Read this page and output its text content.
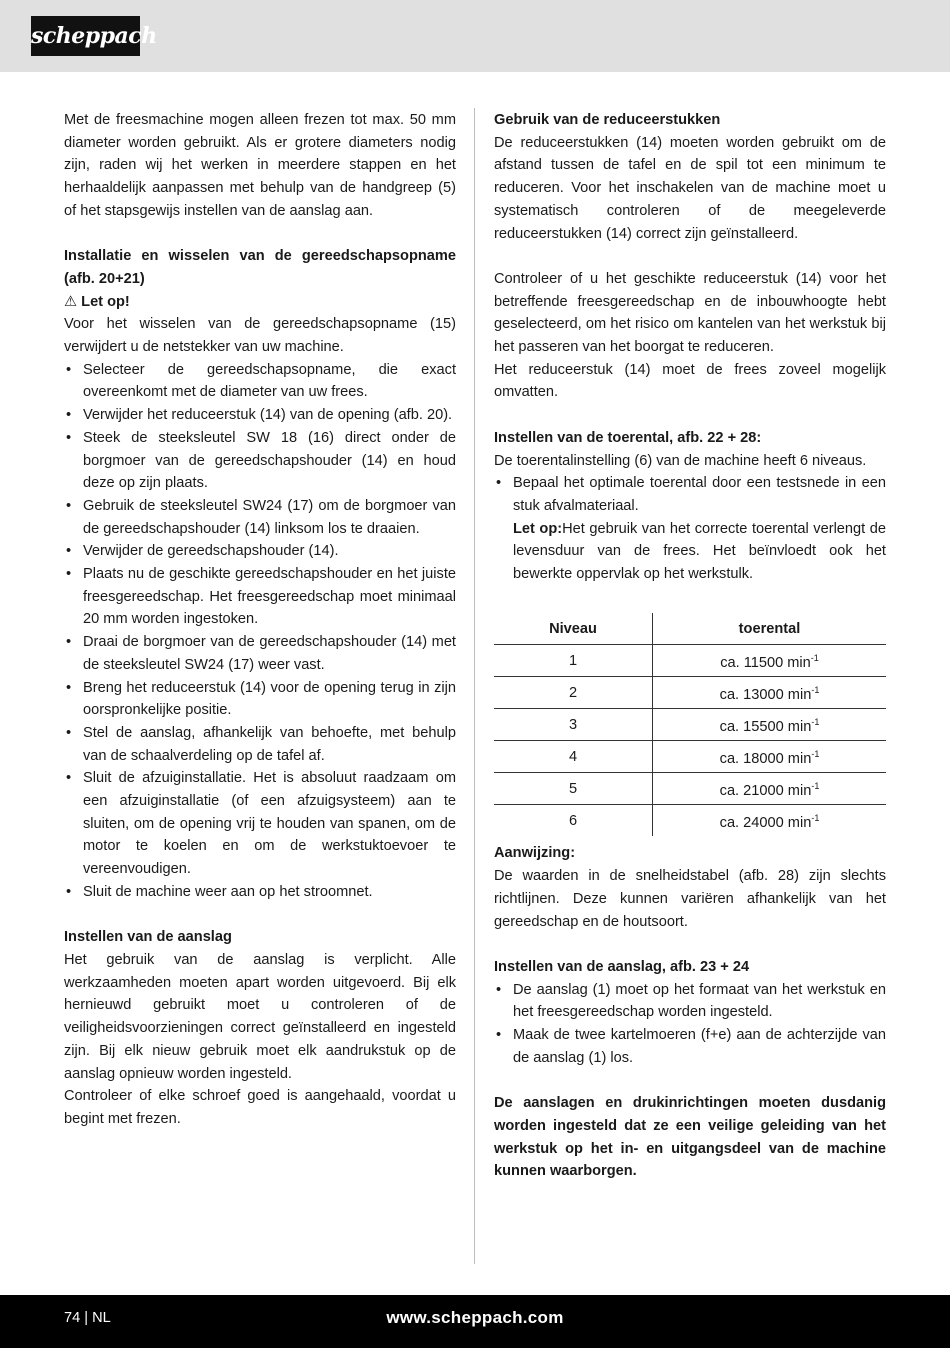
scheppach

Met de freesmachine mogen alleen frezen tot max. 50 mm diameter worden gebruikt. Als er grotere diameters nodig zijn, raden wij het werken in meerdere stappen en het herhaaldelijk aanpassen met behulp van de handgreep (5) of het stapsgewijs instellen van de aanslag aan.

Installatie en wisselen van de gereedschapsopname (afb. 20+21)

⚠ Let op!

Voor het wisselen van de gereedschapsopname (15) verwijdert u de netstekker van uw machine.

• Selecteer de gereedschapsopname, die exact overeenkomt met de diameter van uw frees.
• Verwijder het reduceerstuk (14) van de opening (afb. 20).
• Steek de steeksleutel SW 18 (16) direct onder de borgmoer van de gereedschapshouder (14) en houd deze op zijn plaats.
• Gebruik de steeksleutel SW24 (17) om de borgmoer van de gereedschapshouder (14) linksom los te draaien.
• Verwijder de gereedschapshouder (14).
• Plaats nu de geschikte gereedschapshouder en het juiste freesgereedschap. Het freesgereedschap moet minimaal 20 mm worden ingestoken.
• Draai de borgmoer van de gereedschapshouder (14) met de steeksleutel SW24 (17) weer vast.
• Breng het reduceerstuk (14) voor de opening terug in zijn oorspronkelijke positie.
• Stel de aanslag, afhankelijk van behoefte, met behulp van de schaalverdeling op de tafel af.
• Sluit de afzuiginstallatie. Het is absoluut raadzaam om een afzuiginstallatie (of een afzuigsysteem) aan te sluiten, om de opening vrij te houden van spanen, om de motor te koelen en om de werkstuktoevoer te vereenvoudigen.
• Sluit de machine weer aan op het stroomnet.

Instellen van de aanslag

Het gebruik van de aanslag is verplicht. Alle werkzaamheden moeten apart worden uitgevoerd. Bij elk hernieuwd gebruikt moet u controleren of de veiligheidsvoorzieningen correct geïnstalleerd en ingesteld zijn. Bij elk nieuw gebruik moet elk aandrukstuk op de aanslag opnieuw worden ingesteld.

Controleer of elke schroef goed is aangehaald, voordat u begint met frezen.

Gebruik van de reduceerstukken

De reduceerstukken (14) moeten worden gebruikt om de afstand tussen de tafel en de spil tot een minimum te reduceren. Voor het inschakelen van de machine moet u systematisch controleren of de meegeleverde reduceerstukken (14) correct zijn geïnstalleerd.

Controleer of u het geschikte reduceerstuk (14) voor het betreffende freesgereedschap en de inbouwhoogte hebt geselecteerd, om het risico om kantelen van het werkstuk bij het passeren van het boorgat te reduceren.

Het reduceerstuk (14) moet de frees zoveel mogelijk omvatten.

Instellen van de toerental, afb. 22 + 28:

De toerentalinstelling (6) van de machine heeft 6 niveaus.

• Bepaal het optimale toerental door een testsnede in een stuk afvalmateriaal.
Let op:Het gebruik van het correcte toerental verlengt de levensduur van de frees. Het beïnvloedt ook het bewerkte oppervlak op het werkstulk.
Niveau	toerental
1	ca. 11500 $\min^{-1}$
2	ca. 13000 $\min^{-1}$
3	ca. 15500 $\min^{-1}$
4	ca. 18000 $\min^{-1}$
5	ca. 21000 $\min^{-1}$
6	ca. 24000 $\min^{-1}$

Aanwijzing:

De waarden in de snelheidstabel (afb. 28) zijn slechts richtlijnen. Deze kunnen variëren afhankelijk van het gereedschap en de houtsoort.

Instellen van de aanslag, afb. 23 + 24

• De aanslag (1) moet op het formaat van het werkstuk en het freesgereedschap worden ingesteld.
• Maak de twee kartelmoeren (f+e) aan de achterzijde van de aanslag (1) los.

De aanslagen en drukinrichtingen moeten dusdanig worden ingesteld dat ze een veilige geleiding van het werkstuk op het in- en uitgangsdeel van de machine kunnen waarborgen.

74 | NL	www.scheppach.com
